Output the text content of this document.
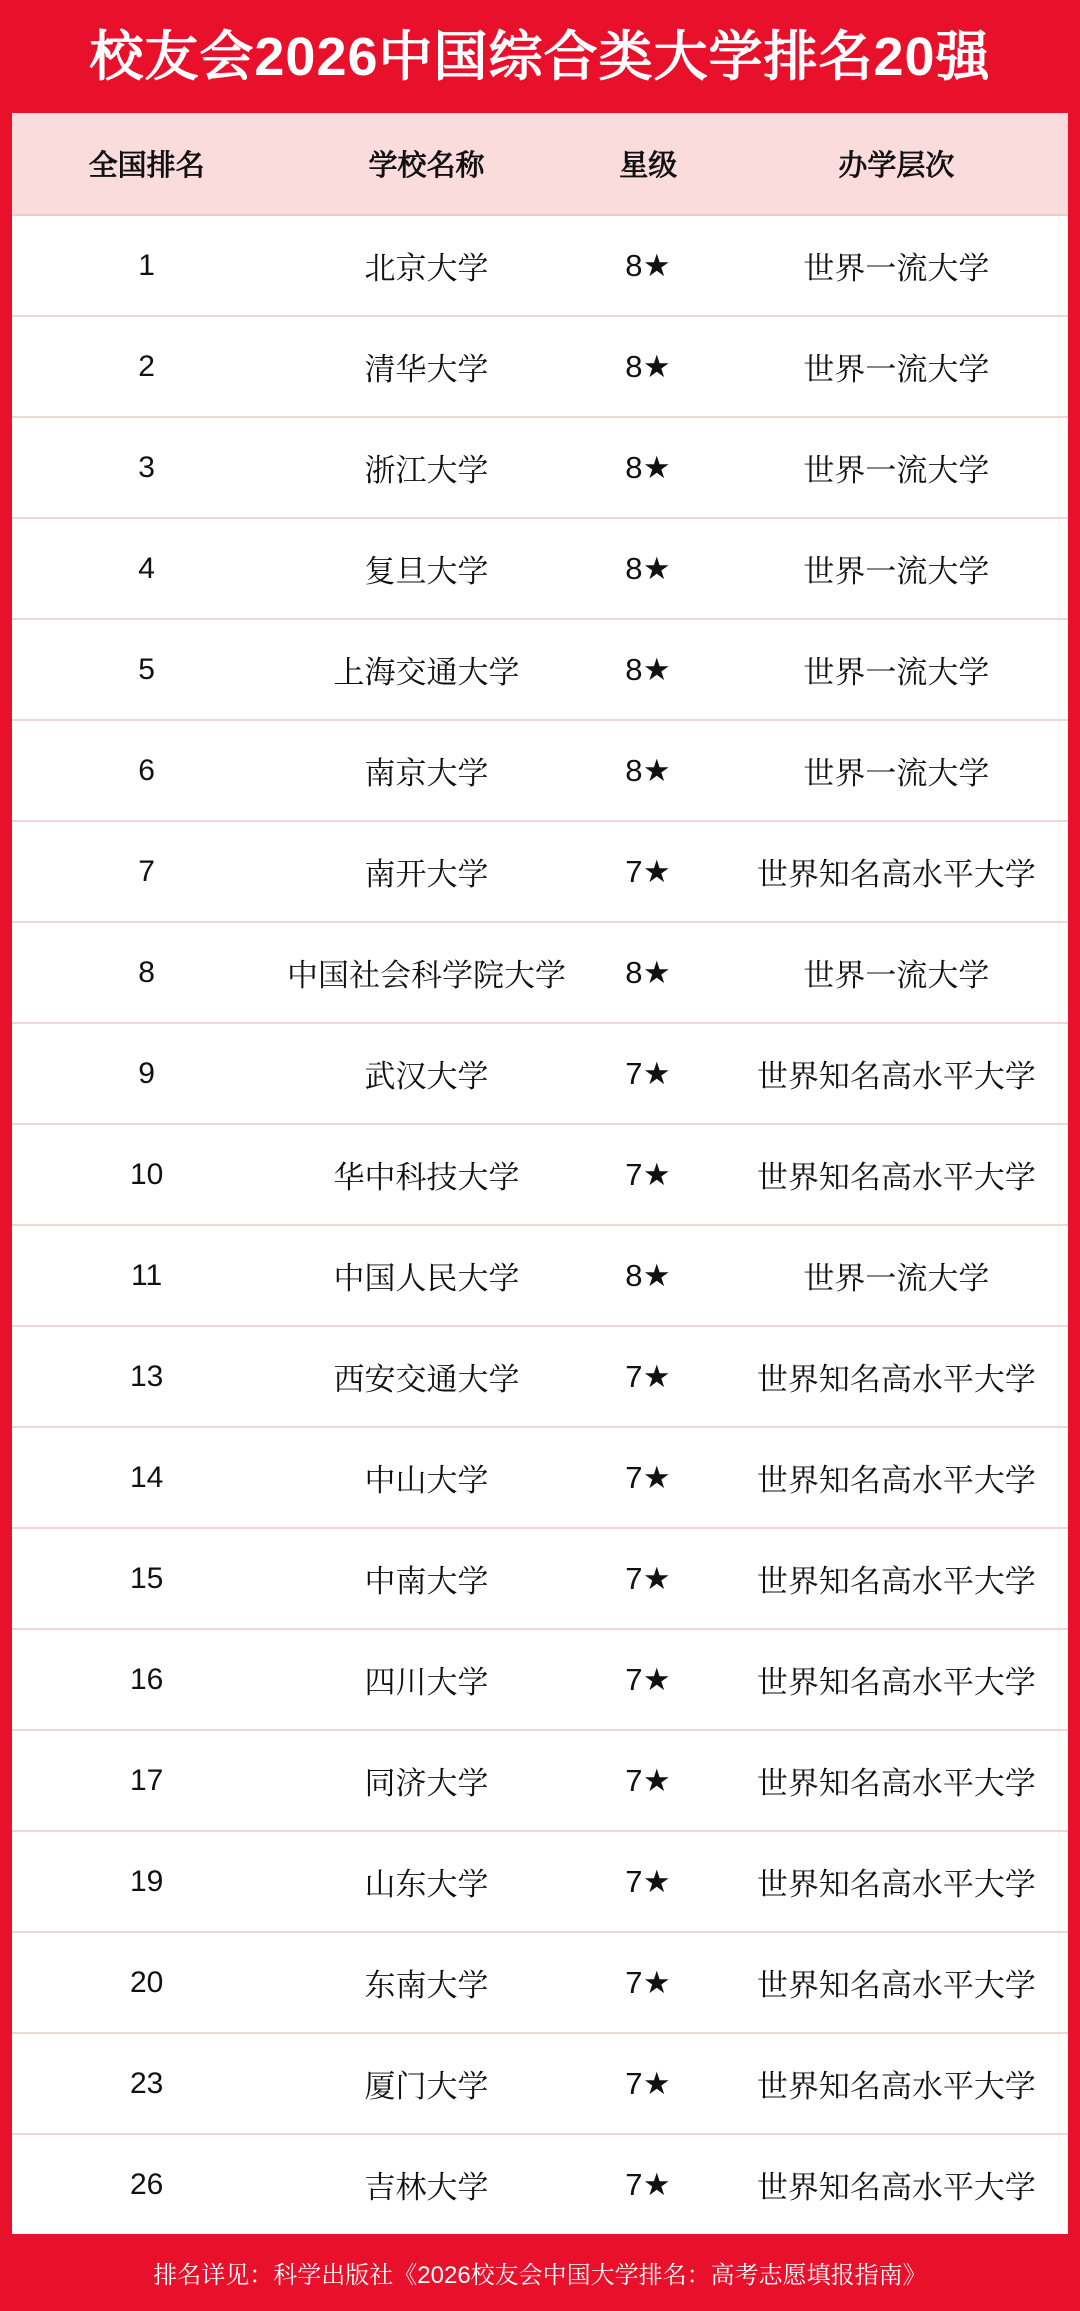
校友会2026中国综合类大学排名20强
全国排名	学校名称	星级	办学层次
1	北京大学	8★	世界一流大学
2	清华大学	8★	世界一流大学
3	浙江大学	8★	世界一流大学
4	复旦大学	8★	世界一流大学
5	上海交通大学	8★	世界一流大学
6	南京大学	8★	世界一流大学
7	南开大学	7★	世界知名高水平大学
8	中国社会科学院大学	8★	世界一流大学
9	武汉大学	7★	世界知名高水平大学
10	华中科技大学	7★	世界知名高水平大学
11	中国人民大学	8★	世界一流大学
13	西安交通大学	7★	世界知名高水平大学
14	中山大学	7★	世界知名高水平大学
15	中南大学	7★	世界知名高水平大学
16	四川大学	7★	世界知名高水平大学
17	同济大学	7★	世界知名高水平大学
19	山东大学	7★	世界知名高水平大学
20	东南大学	7★	世界知名高水平大学
23	厦门大学	7★	世界知名高水平大学
26	吉林大学	7★	世界知名高水平大学
排名详见：科学出版社《2026校友会中国大学排名：高考志愿填报指南》
